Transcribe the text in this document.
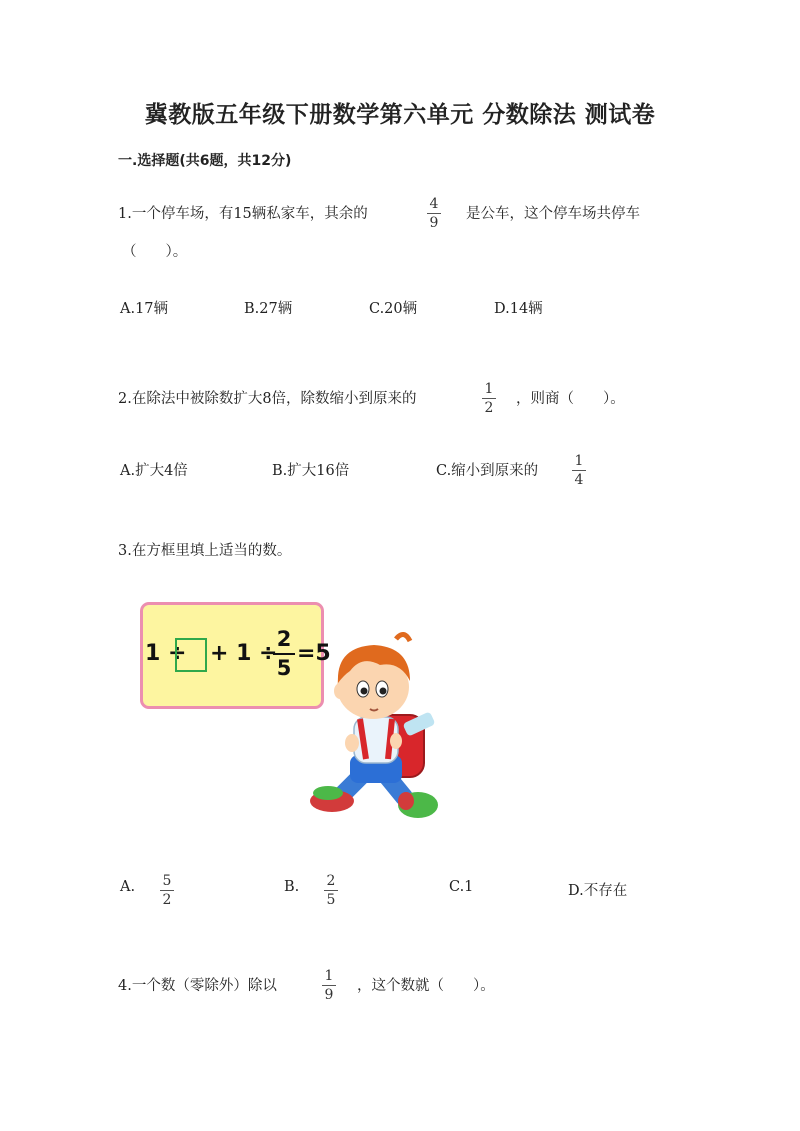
冀教版五年级下册数学第六单元 分数除法 测试卷
一.选择题(共6题，共12分)
1.一个停车场，有15辆私家车，其余的
4
9
是公车，这个停车场共停车
（　　）。
A.17辆	B.27辆	C.20辆	D.14辆
2.在除法中被除数扩大8倍，除数缩小到原来的
1
2
，则商（　　）。
A.扩大4倍	B.扩大16倍	C.缩小到原来的
1
4
3.在方框里填上适当的数。
1 ÷ + 1 ÷
2
5
=5
A.	5
2
B.	2
5
C.1	D.不存在
4.一个数（零除外）除以
1
9
，这个数就（　　）。
